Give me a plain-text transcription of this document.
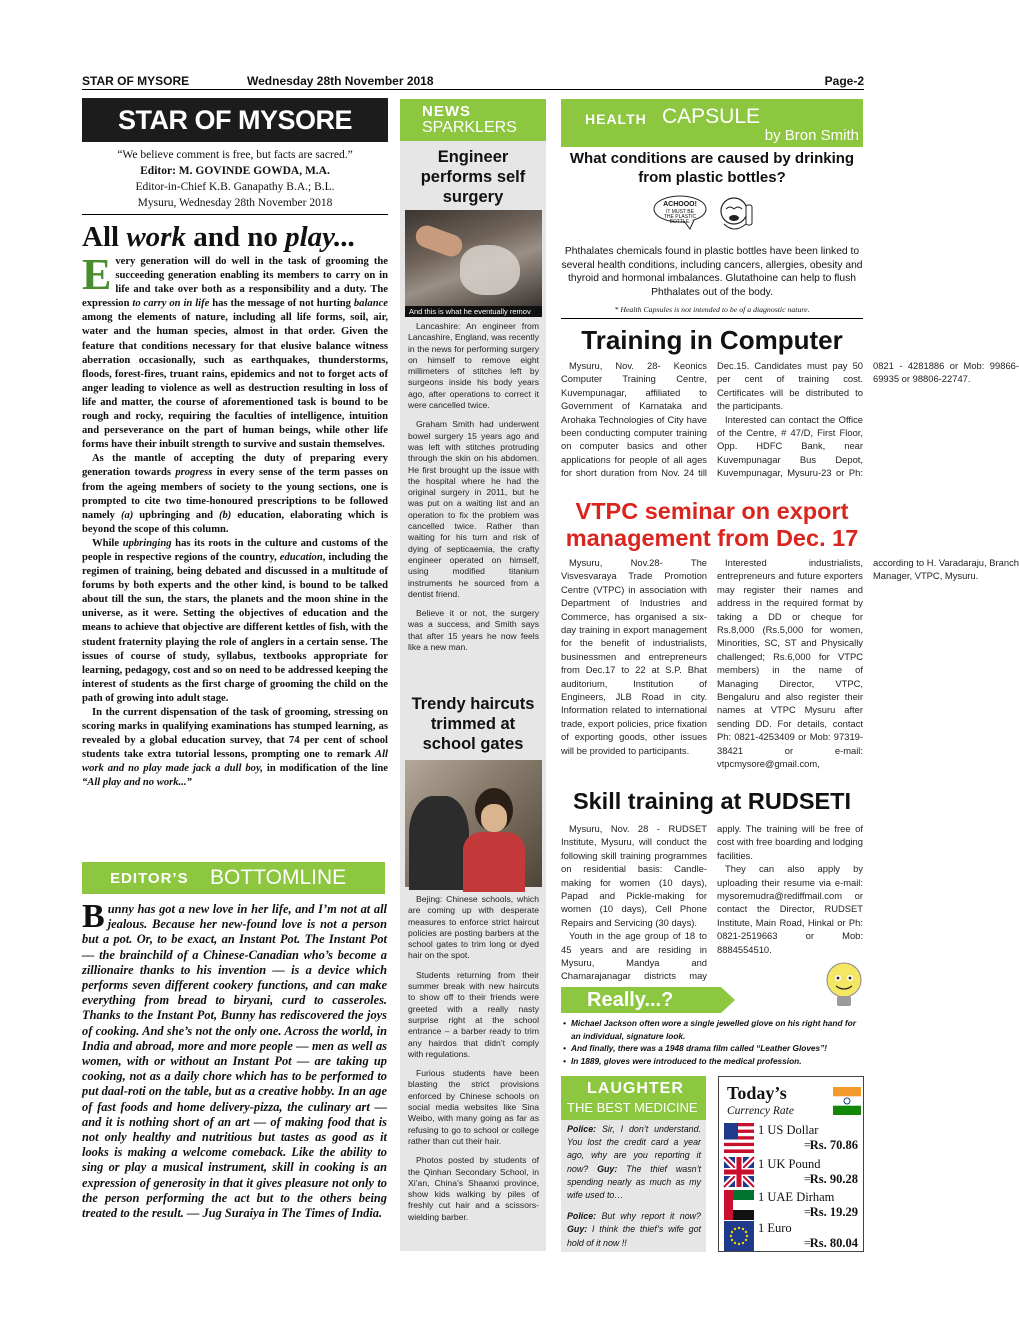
STAR OF MYSORE	Wednesday 28th November 2018	Page-2
STAR OF MYSORE
“We believe comment is free, but facts are sacred.”
Editor: M. GOVINDE GOWDA, M.A.
Editor-in-Chief K.B. Ganapathy B.A.; B.L.
Mysuru, Wednesday 28th November 2018
All work and no play...

Every generation will do well in the task of grooming the succeeding generation enabling its members to carry on in life and take over both as a responsibility and a duty. The expression to carry on in life has the message of not hurting balance among the elements of nature, including all life forms, soil, air, water and the human species, almost in that order. Given the feature that conditions necessary for that elusive balance witness aberration occasionally, such as earthquakes, thunderstorms, floods, forest-fires, truant rains, epidemics and not to forget acts of anger leading to violence as well as destruction resulting in loss of life and matter, the course of aforementioned task is bound to be rough and rocky, requiring the faculties of intelligence, intuition and perseverance on the part of human beings, while other life forms have their inbuilt strength to survive and sustain themselves.

As the mantle of accepting the duty of preparing every generation towards progress in every sense of the term passes on from the ageing members of society to the young sections, one is prompted to cite two time-honoured prescriptions to be followed namely (a) upbringing and (b) education, elaborating which is beyond the scope of this column.

While upbringing has its roots in the culture and customs of the people in respective regions of the country, education, including the regimen of training, being debated and discussed in a multitude of forums by both experts and the other kind, is bound to be talked about till the sun, the stars, the planets and the moon shine in the universe, as it were. Setting the objectives of education and the means to achieve that objective are different kettles of fish, with the student fraternity playing the role of anglers in a certain sense. The issues of course of study, syllabus, textbooks appropriate for learning, pedagogy, cost and so on need to be addressed keeping the interest of students as the first charge of grooming the child on the path of growing into adult stage.

In the current dispensation of the task of grooming, stressing on scoring marks in qualifying examinations has stumped learning, as revealed by a global education survey, that 74 per cent of school students take extra tutorial lessons, prompting one to remark All work and no play made jack a dull boy, in modification of the line “All play and no work...”

EDITOR’S BOTTOMLINE
Bunny has got a new love in her life, and I’m not at all jealous. Because her new-found love is not a person but a pot. Or, to be exact, an Instant Pot. The Instant Pot — the brainchild of a Chinese-Canadian who’s become a zillionaire thanks to his invention — is a device which performs seven different cookery functions, and can make everything from bread to biryani, curd to casseroles. Thanks to the Instant Pot, Bunny has rediscovered the joys of cooking. And she’s not the only one. Across the world, in India and abroad, more and more people — men as well as women, with or without an Instant Pot — are taking up cooking, not as a daily chore which has to be performed to put daal-roti on the table, but as a creative hobby. In an age of fast foods and home delivery-pizza, the culinary art — and it is nothing short of an art — of making food that is not only healthy and nutritious but tastes as good as it looks is making a welcome comeback. Like the ability to sing or play a musical instrument, skill in cooking is an expression of generosity in that it gives pleasure not only to the person performing the act but to the others being treated to the result. — Jug Suraiya in The Times of India.
NEWS
SPARKLERS
Engineer performs self surgery
And this is what he eventually remov

Lancashire: An engineer from Lancashire, England, was recently in the news for performing surgery on himself to remove eight millimeters of stitches left by surgeons inside his body years ago, after operations to correct it were cancelled twice.

Graham Smith had underwent bowel surgery 15 years ago and was left with stitches protruding through the skin on his abdomen. He first brought up the issue with the hospital where he had the original surgery in 2011, but he was put on a waiting list and an operation to fix the problem was cancelled twice. Rather than waiting for his turn and risk of dying of septicaemia, the crafty engineer operated on himself, using modified titanium instruments he sourced from a dentist friend.

Believe it or not, the surgery was a success, and Smith says that after 15 years he now feels like a new man.

Trendy haircuts trimmed at school gates

Bejing: Chinese schools, which are coming up with desperate measures to enforce strict haircut policies are posting barbers at the school gates to trim long or dyed hair on the spot.

Students returning from their summer break with new haircuts to show off to their friends were greeted with a really nasty surprise right at the school entrance – a barber ready to trim any hairdos that didn’t comply with regulations.

Furious students have been blasting the strict provisions enforced by Chinese schools on social media websites like Sina Weibo, with many going as far as refusing to go to school or college rather than cut their hair.

Photos posted by students of the Qinhan Secondary School, in Xi’an, China’s Shaanxi province, show kids walking by piles of freshly cut hair and a scissors-wielding barber.

HEALTH CAPSULE
by Bron Smith
What conditions are caused by drinking from plastic bottles?
ACHOOO!
IT MUST BE
THE PLASTIC
BOTTLE.
Phthalates chemicals found in plastic bottles have been linked to several health conditions, including cancers, allergies, obesity and thyroid and hormonal imbalances. Glutathoine can help to flush Phthalates out of the body.
* Health Capsules is not intended to be of a diagnostic nature.
Training in Computer

Mysuru, Nov. 28- Keonics Computer Training Centre, Kuvempunagar, affiliated to Government of Karnataka and Arohaka Technologies of City have been conducting computer training on computer basics and other applications for people of all ages for short duration from Nov. 24 till Dec.15. Candidates must pay 50 per cent of training cost. Certificates will be distributed to the participants.

Interested can contact the Office of the Centre, # 47/D, First Floor, Opp. HDFC Bank, near Kuvempunagar Bus Depot, Kuvempunagar, Mysuru-23 or Ph: 0821 - 4281886 or Mob: 99866-69935 or 98806-22747.

VTPC seminar on export management from Dec. 17

Mysuru, Nov.28- The Visvesvaraya Trade Promotion Centre (VTPC) in association with Department of Industries and Commerce, has organised a six-day training in export management for the benefit of industrialists, businessmen and entrepreneurs from Dec.17 to 22 at S.P. Bhat auditorium, Institution of Engineers, JLB Road in city. Information related to international trade, export policies, price fixation of exporting goods, other issues will be provided to participants.

Interested industrialists, entrepreneurs and future exporters may register their names and address in the required format by taking a DD or cheque for Rs.8,000 (Rs.5,000 for women, Minorities, SC, ST and Physically challenged; Rs.6,000 for VTPC members) in the name of Managing Director, VTPC, Bengaluru and also register their names at VTPC Mysuru after sending DD. For details, contact Ph: 0821-4253409 or Mob: 97319-38421 or e-mail: vtpcmysore@gmail.com, according to H. Varadaraju, Branch Manager, VTPC, Mysuru.

Skill training at RUDSETI

Mysuru, Nov. 28 - RUDSET Institute, Mysuru, will conduct the following skill training programmes on residential basis: Candle-making for women (10 days), Papad and Pickle-making for women (10 days), Cell Phone Repairs and Servicing (30 days).

Youth in the age group of 18 to 45 years and are residing in Mysuru, Mandya and Chamarajanagar districts may apply. The training will be free of cost with free boarding and lodging facilities.

They can also apply by uploading their resume via e-mail: mysoremudra@rediffmail.com or contact the Director, RUDSET Institute, Main Road, Hinkal or Ph: 0821-2519663 or Mob: 8884554510.

Really...?
• Michael Jackson often wore a single jewelled glove on his right hand for an individual, signature look.
• And finally, there was a 1948 drama film called “Leather Gloves”!
• In 1889, gloves were introduced to the medical profession.
LAUGHTER
THE BEST MEDICINE

Police: Sir, I don’t understand. You lost the credit card a year ago, why are you reporting it now? Guy: The thief wasn’t spending nearly as much as my wife used to…

Police: But why report it now? Guy: I think the thief’s wife got hold of it now !!

Today’s
Currency Rate
1 US Dollar
=
Rs. 70.86
1 UK Pound
=
Rs. 90.28
1 UAE Dirham
=
Rs. 19.29
1 Euro
=
Rs. 80.04
